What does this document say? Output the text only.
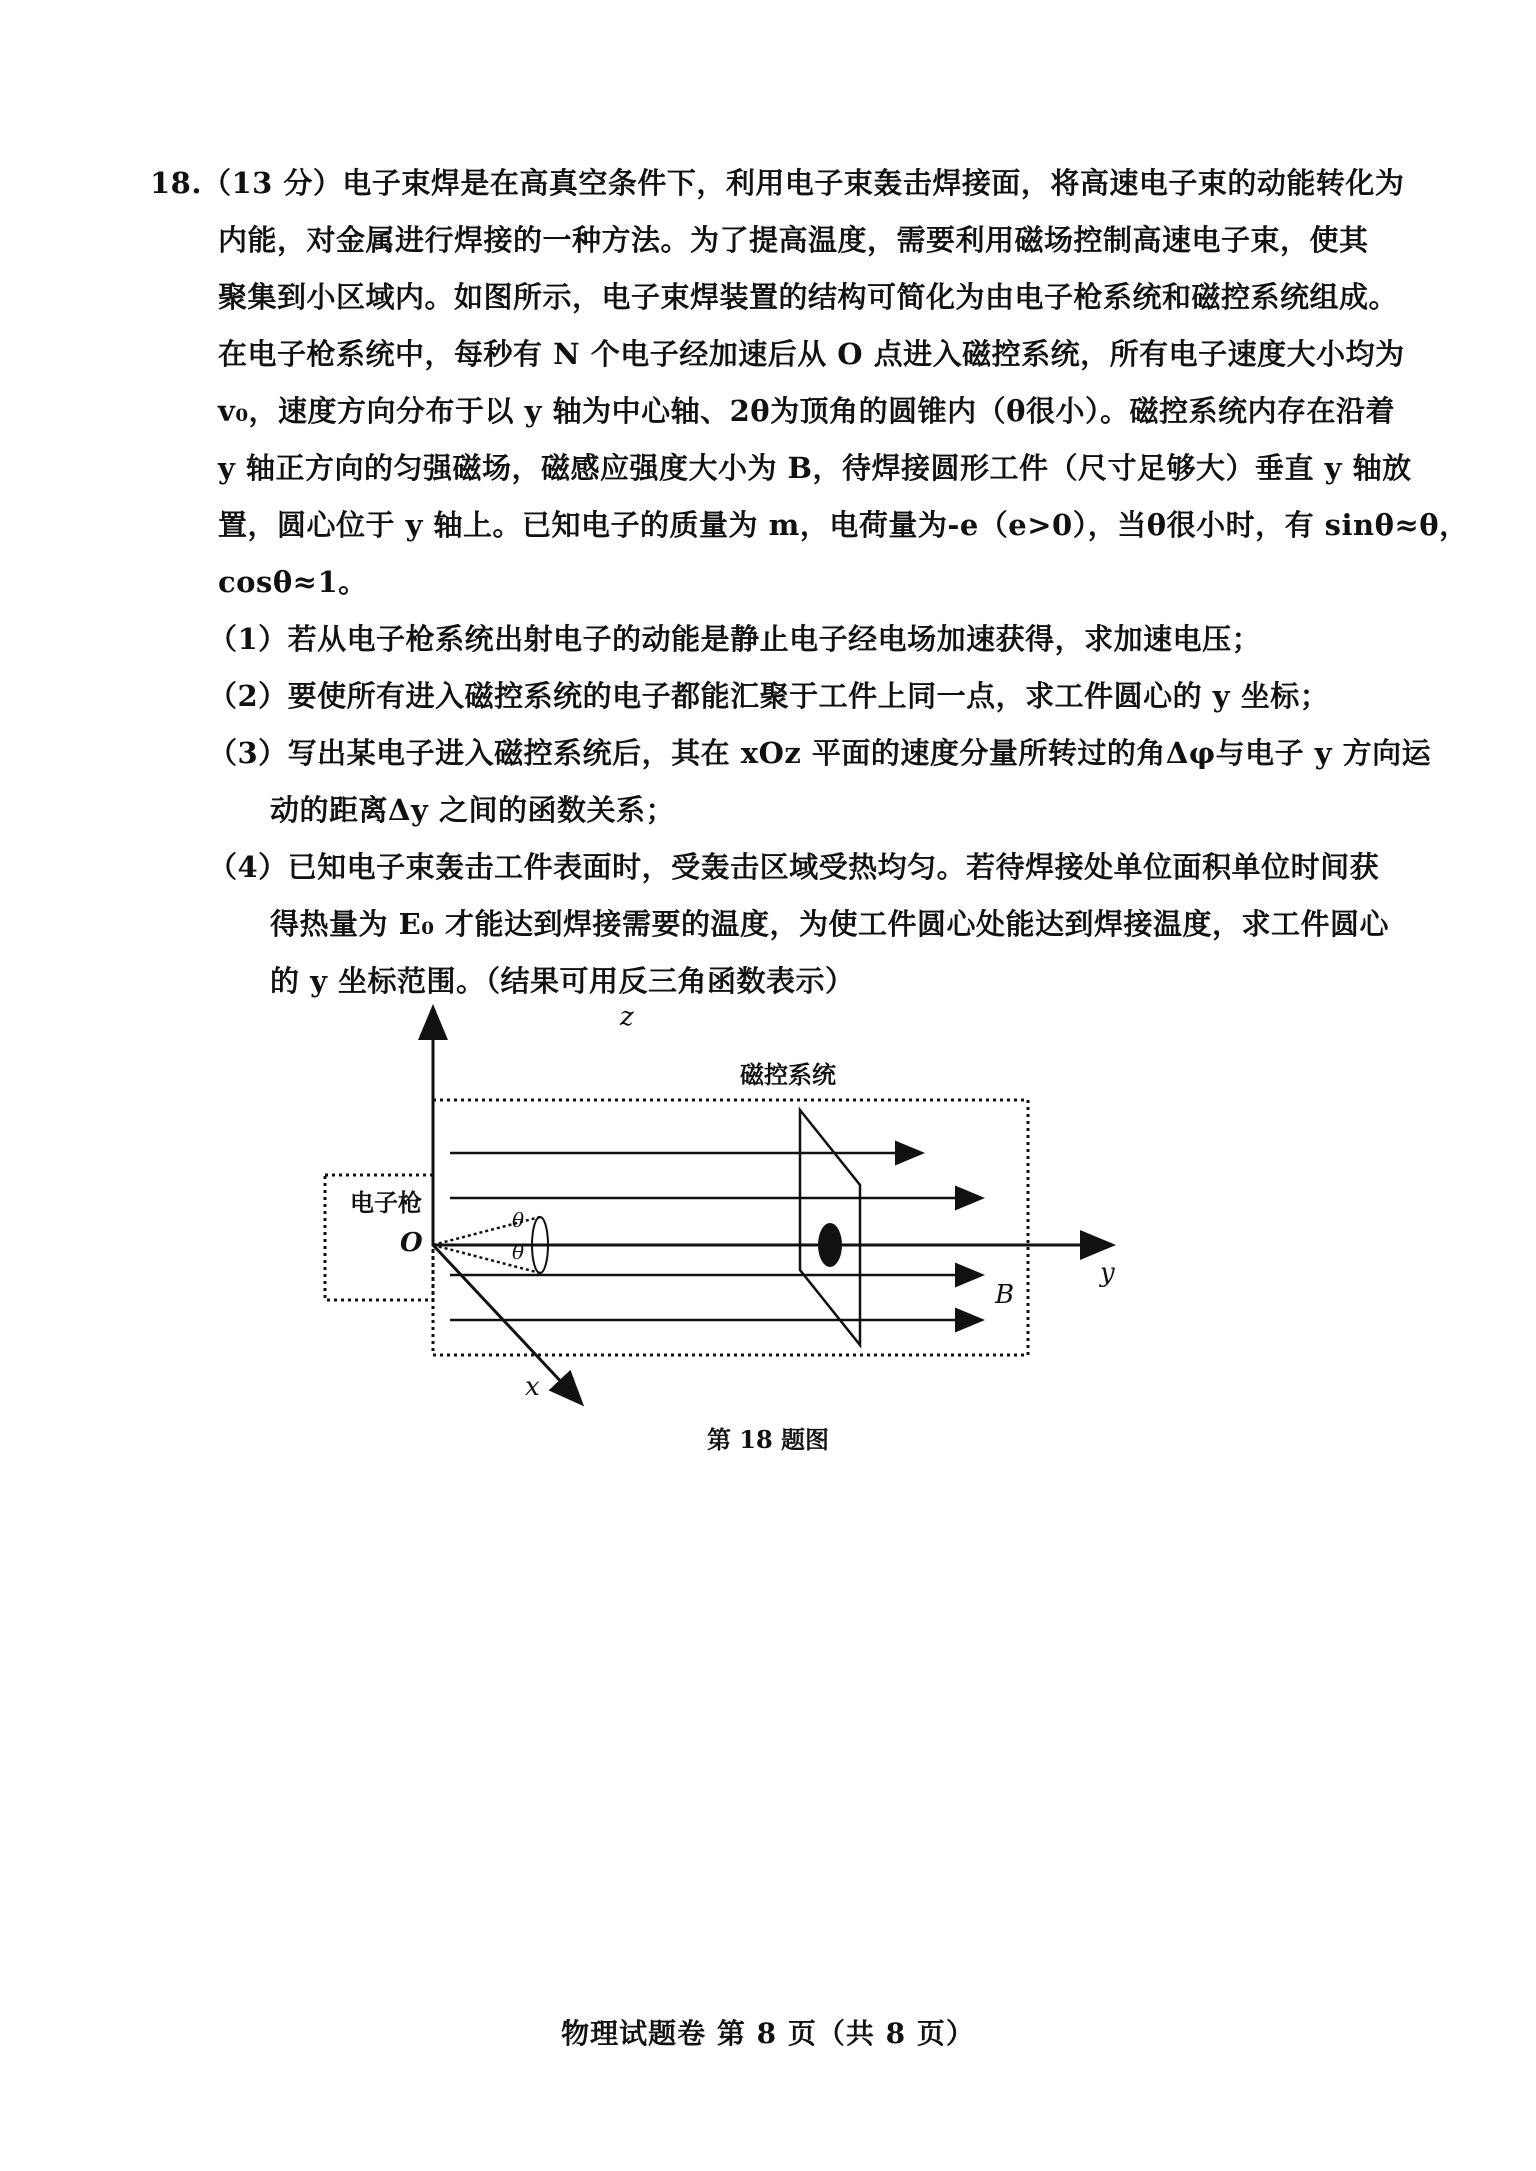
18.（13 分）电子束焊是在高真空条件下，利用电子束轰击焊接面，将高速电子束的动能转化为
内能，对金属进行焊接的一种方法。为了提高温度，需要利用磁场控制高速电子束，使其
聚集到小区域内。如图所示，电子束焊装置的结构可简化为由电子枪系统和磁控系统组成。
在电子枪系统中，每秒有 N 个电子经加速后从 O 点进入磁控系统，所有电子速度大小均为
v₀，速度方向分布于以 y 轴为中心轴、2θ为顶角的圆锥内（θ很小）。磁控系统内存在沿着
y 轴正方向的匀强磁场，磁感应强度大小为 B，待焊接圆形工件（尺寸足够大）垂直 y 轴放
置，圆心位于 y 轴上。已知电子的质量为 m，电荷量为-e（e>0），当θ很小时，有 sinθ≈θ，
cosθ≈1。
（1）若从电子枪系统出射电子的动能是静止电子经电场加速获得，求加速电压；
（2）要使所有进入磁控系统的电子都能汇聚于工件上同一点，求工件圆心的 y 坐标；
（3）写出某电子进入磁控系统后，其在 xOz 平面的速度分量所转过的角Δφ与电子 y 方向运
动的距离Δy 之间的函数关系；
（4）已知电子束轰击工件表面时，受轰击区域受热均匀。若待焊接处单位面积单位时间获
得热量为 E₀ 才能达到焊接需要的温度，为使工件圆心处能达到焊接温度，求工件圆心
的 y 坐标范围。（结果可用反三角函数表示）
z
磁控系统
电子枪
O
θ
θ
B
y
x
第 18 题图
物理试题卷 第 8 页（共 8 页）
